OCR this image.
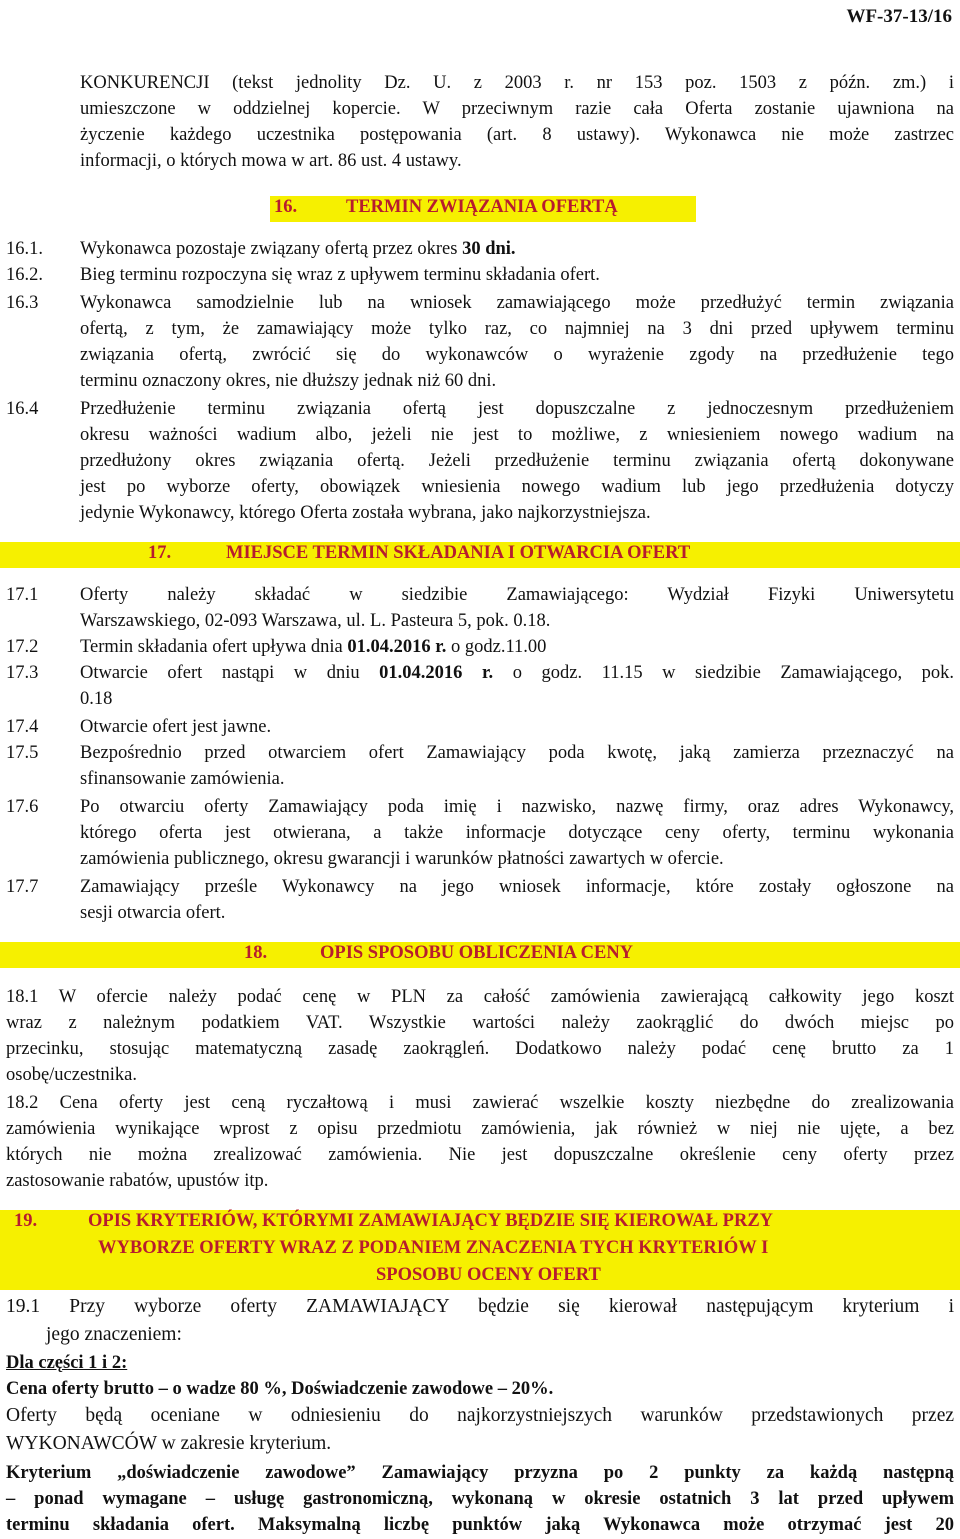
WF-37-13/16
KONKURENCJI (tekst jednolity Dz. U. z 2003 r. nr 153 poz. 1503 z późn. zm.) i
umieszczone w oddzielnej kopercie. W przeciwnym razie cała Oferta zostanie ujawniona na
życzenie każdego uczestnika postępowania (art. 8 ustawy). Wykonawca nie może zastrzec
informacji, o których mowa w art. 86 ust. 4 ustawy.
16.	TERMIN ZWIĄZANIA OFERTĄ
16.1. Wykonawca pozostaje związany ofertą przez okres 30 dni.
16.2. Bieg terminu rozpoczyna się wraz z upływem terminu składania ofert.
16.3 Wykonawca samodzielnie lub na wniosek zamawiającego może przedłużyć termin związania
ofertą, z tym, że zamawiający może tylko raz, co najmniej na 3 dni przed upływem terminu
związania ofertą, zwrócić się do wykonawców o wyrażenie zgody na przedłużenie tego
terminu oznaczony okres, nie dłuższy jednak niż 60 dni.
16.4 Przedłużenie terminu związania ofertą jest dopuszczalne z jednoczesnym przedłużeniem
okresu ważności wadium albo, jeżeli nie jest to możliwe, z wniesieniem nowego wadium na
przedłużony okres związania ofertą. Jeżeli przedłużenie terminu związania ofertą dokonywane
jest po wyborze oferty, obowiązek wniesienia nowego wadium lub jego przedłużenia dotyczy
jedynie Wykonawcy, którego Oferta została wybrana, jako najkorzystniejsza.
17.	MIEJSCE TERMIN SKŁADANIA I OTWARCIA OFERT
17.1 Oferty należy składać w siedzibie Zamawiającego: Wydział Fizyki Uniwersytetu
Warszawskiego, 02-093 Warszawa, ul. L. Pasteura 5, pok. 0.18.
17.2 Termin składania ofert upływa dnia 01.04.2016 r. o godz.11.00
17.3 Otwarcie ofert nastąpi w dniu 01.04.2016 r. o godz. 11.15 w siedzibie Zamawiającego, pok.
0.18
17.4 Otwarcie ofert jest jawne.
17.5 Bezpośrednio przed otwarciem ofert Zamawiający poda kwotę, jaką zamierza przeznaczyć na
sfinansowanie zamówienia.
17.6 Po otwarciu oferty Zamawiający poda imię i nazwisko, nazwę firmy, oraz adres Wykonawcy,
którego oferta jest otwierana, a także informacje dotyczące ceny oferty, terminu wykonania
zamówienia publicznego, okresu gwarancji i warunków płatności zawartych w ofercie.
17.7 Zamawiający prześle Wykonawcy na jego wniosek informacje, które zostały ogłoszone na
sesji otwarcia ofert.
18.	OPIS SPOSOBU OBLICZENIA CENY
18.1 W ofercie należy podać cenę w PLN za całość zamówienia zawierającą całkowity jego koszt
wraz z należnym podatkiem VAT. Wszystkie wartości należy zaokrąglić do dwóch miejsc po
przecinku, stosując matematyczną zasadę zaokrągleń. Dodatkowo należy podać cenę brutto za 1
osobę/uczestnika.
18.2 Cena oferty jest ceną ryczałtową i musi zawierać wszelkie koszty niezbędne do zrealizowania
zamówienia wynikające wprost z opisu przedmiotu zamówienia, jak również w niej nie ujęte, a bez
których nie można zrealizować zamówienia. Nie jest dopuszczalne określenie ceny oferty przez
zastosowanie rabatów, upustów itp.
19.	OPIS KRYTERIÓW, KTÓRYMI ZAMAWIAJĄCY BĘDZIE SIĘ KIEROWAŁ PRZY
WYBORZE OFERTY WRAZ Z PODANIEM ZNACZENIA TYCH KRYTERIÓW I
SPOSOBU OCENY OFERT
19.1 Przy wyborze oferty ZAMAWIAJĄCY będzie się kierował następującym kryterium i
jego znaczeniem:
Dla części 1 i 2:
Cena oferty brutto – o wadze 80 %, Doświadczenie zawodowe – 20%.
Oferty będą oceniane w odniesieniu do najkorzystniejszych warunków przedstawionych przez
WYKONAWCÓW w zakresie kryterium.
Kryterium „doświadczenie zawodowe” Zamawiający przyzna po 2 punkty za każdą następną
– ponad wymagane – usługę gastronomiczną, wykonaną w okresie ostatnich 3 lat przed upływem
terminu składania ofert. Maksymalną liczbę punktów jaką Wykonawca może otrzymać jest 20
